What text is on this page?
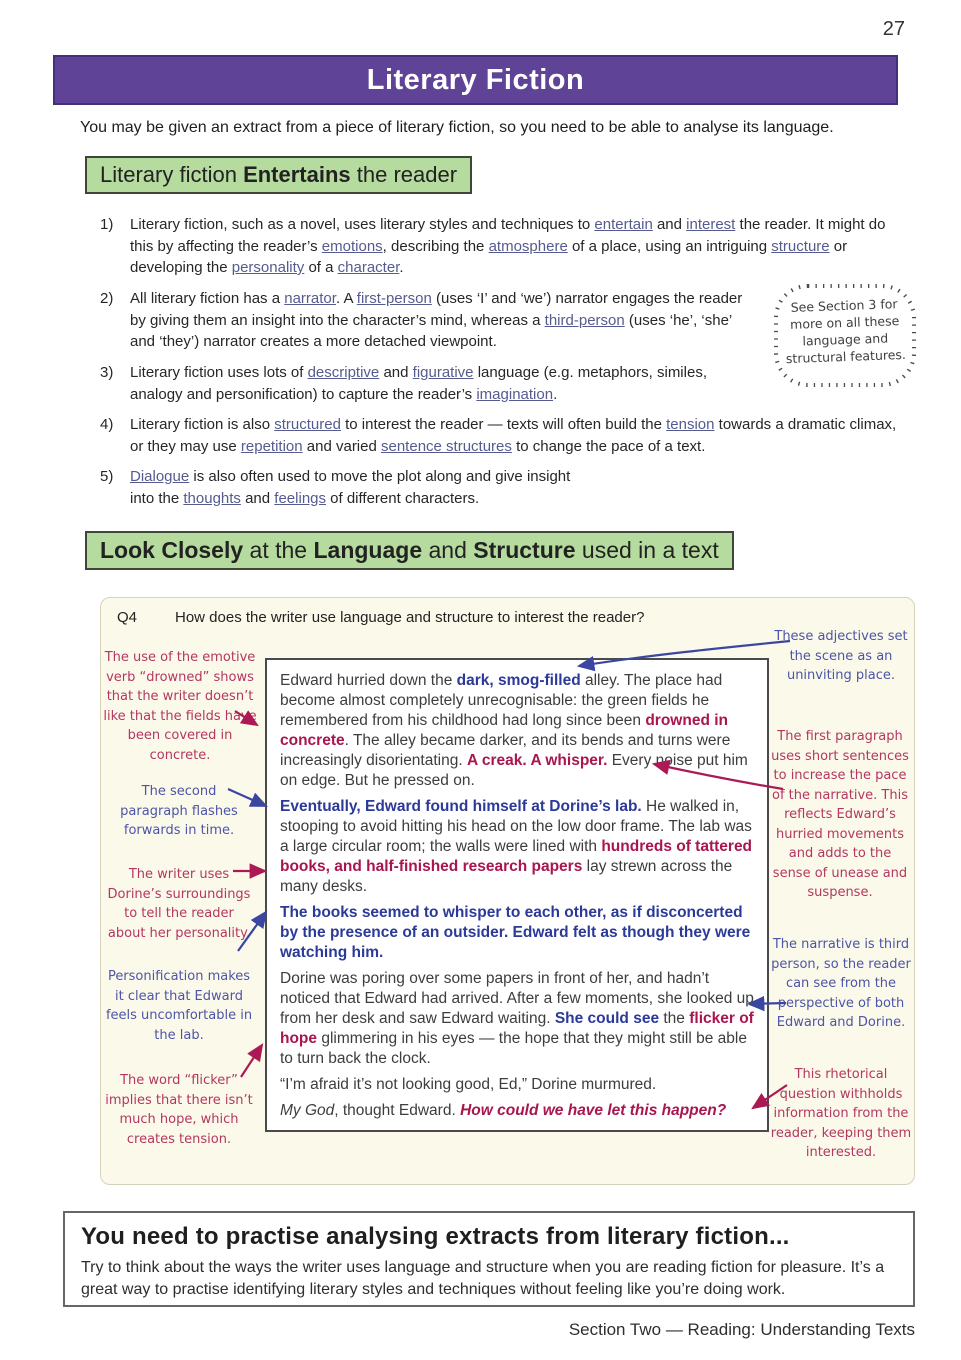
27
Literary Fiction
You may be given an extract from a piece of literary fiction, so you need to be able to analyse its language.
Literary fiction Entertains the reader
1)	Literary fiction, such as a novel, uses literary styles and techniques to entertain and interest the reader. It might do this by affecting the reader’s emotions, describing the atmosphere of a place, using an intriguing structure or developing the personality of a character.
2)	All literary fiction has a narrator. A first-person (uses ‘I’ and ‘we’) narrator engages the reader by giving them an insight into the character’s mind, whereas a third-person (uses ‘he’, ‘she’ and ‘they’) narrator creates a more detached viewpoint.
3)	Literary fiction uses lots of descriptive and figurative language (e.g. metaphors, similes, analogy and personification) to capture the reader’s imagination.
4)	Literary fiction is also structured to interest the reader — texts will often build the tension towards a dramatic climax, or they may use repetition and varied sentence structures to change the pace of a text.
5)	Dialogue is also often used to move the plot along and give insight
into the thoughts and feelings of different characters.
See Section 3 for more on all these language and structural features.
Look Closely at the Language and Structure used in a text
Q4	How does the writer use language and structure to interest the reader?

Edward hurried down the dark, smog-filled alley. The place had become almost completely unrecognisable: the green fields he remembered from his childhood had long since been drowned in concrete. The alley became darker, and its bends and turns were increasingly disorientating. A creak. A whisper. Every noise put him on edge. But he pressed on.

Eventually, Edward found himself at Dorine’s lab. He walked in, stooping to avoid hitting his head on the low door frame. The lab was a large circular room; the walls were lined with hundreds of tattered books, and half-finished research papers lay strewn across the many desks.

The books seemed to whisper to each other, as if disconcerted by the presence of an outsider. Edward felt as though they were watching him.

Dorine was poring over some papers in front of her, and hadn’t noticed that Edward had arrived. After a few moments, she looked up from her desk and saw Edward waiting. She could see the flicker of hope glimmering in his eyes — the hope that they might still be able to turn back the clock.

“I’m afraid it’s not looking good, Ed,” Dorine murmured.

My God, thought Edward. How could we have let this happen?

The use of the emotive verb “drowned” shows that the writer doesn’t like that the fields have been covered in concrete.
The second paragraph flashes forwards in time.
The writer uses Dorine’s surroundings to tell the reader about her personality.
Personification makes it clear that Edward feels uncomfortable in the lab.
The word “flicker” implies that there isn’t much hope, which creates tension.
These adjectives set the scene as an uninviting place.
The first paragraph uses short sentences to increase the pace of the narrative. This reflects Edward’s hurried movements and adds to the sense of unease and suspense.
The narrative is third person, so the reader can see from the perspective of both Edward and Dorine.
This rhetorical question withholds information from the reader, keeping them interested.
You need to practise analysing extracts from literary fiction...
Try to think about the ways the writer uses language and structure when you are reading fiction for pleasure. It’s a great way to practise identifying literary styles and techniques without feeling like you’re doing work.
Section Two — Reading: Understanding Texts
